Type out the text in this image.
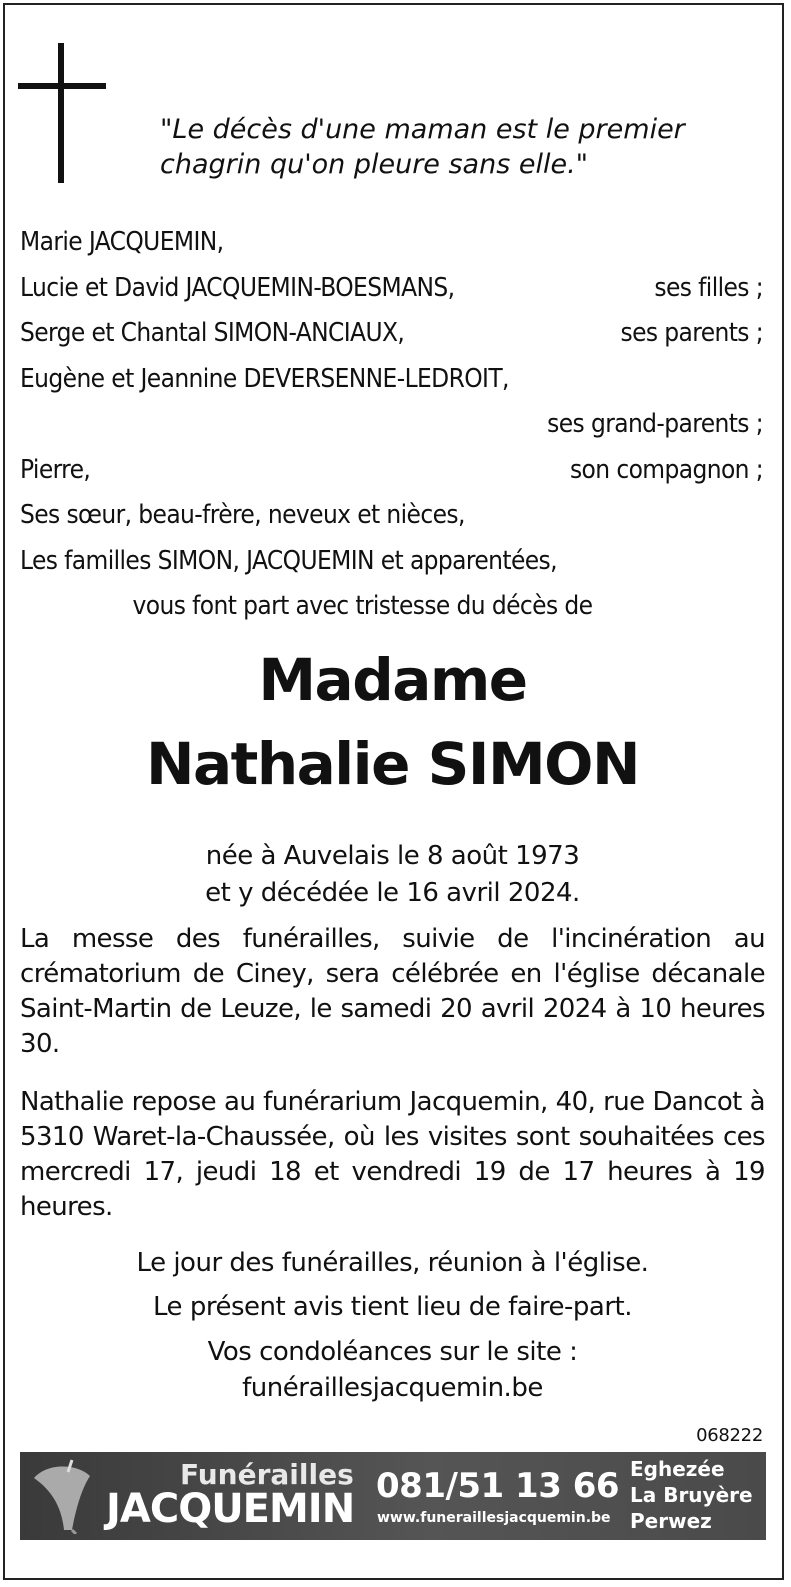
"Le décès d'une maman est le premier
chagrin qu'on pleure sans elle."
Marie JACQUEMIN,
Lucie et David JACQUEMIN-BOESMANS,	ses filles ;
Serge et Chantal SIMON-ANCIAUX,	ses parents ;
Eugène et Jeannine DEVERSENNE-LEDROIT,
ses grand-parents ;
Pierre,	son compagnon ;
Ses sœur, beau-frère, neveux et nièces,
Les familles SIMON, JACQUEMIN et apparentées,
vous font part avec tristesse du décès de
Madame
Nathalie SIMON
née à Auvelais le 8 août 1973
et y décédée le 16 avril 2024.
La messe des funérailles, suivie de l'incinération au crématorium de Ciney, sera célébrée en l'église décanale Saint-Martin de Leuze, le samedi 20 avril 2024 à 10 heures 30.
Nathalie repose au funérarium Jacquemin, 40, rue Dancot à 5310 Waret-la-Chaussée, où les visites sont souhaitées ces mercredi 17, jeudi 18 et vendredi 19 de 17 heures à 19 heures.
Le jour des funérailles, réunion à l'église.
Le présent avis tient lieu de faire-part.
Vos condoléances sur le site :
funéraillesjacquemin.be
068222
Funérailles
JACQUEMIN 081/51 13 66
www.funeraillesjacquemin.be
Eghezée
La Bruyère
Perwez
